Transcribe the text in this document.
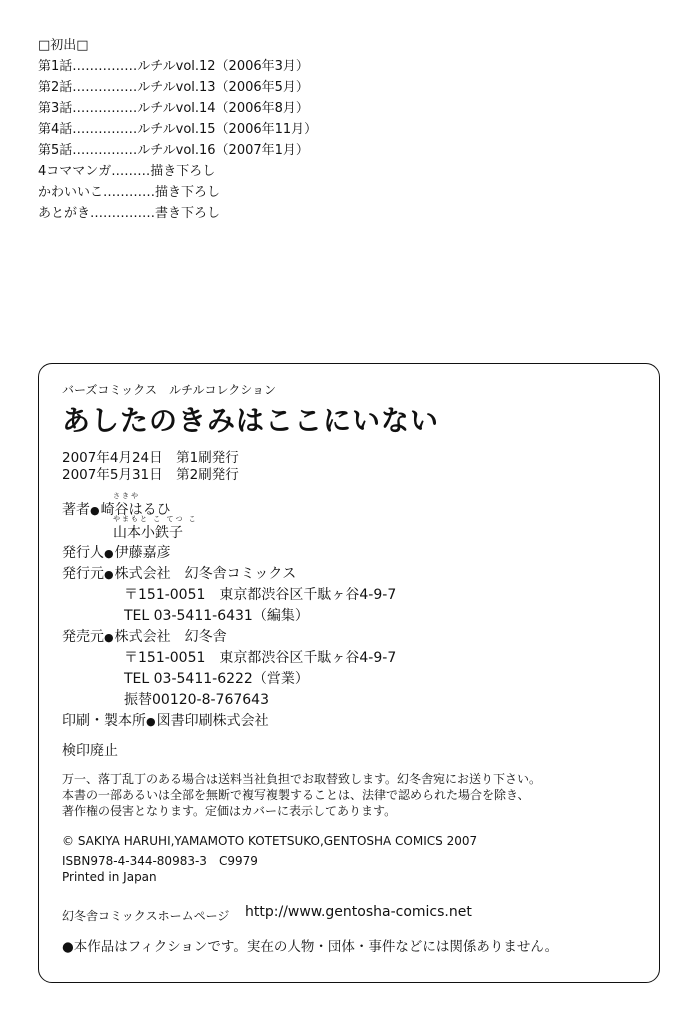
□初出□
第1話……………ルチルvol.12（2006年3月）
第2話……………ルチルvol.13（2006年5月）
第3話……………ルチルvol.14（2006年8月）
第4話……………ルチルvol.15（2006年11月）
第5話……………ルチルvol.16（2007年1月）
4コママンガ………描き下ろし
かわいいこ…………描き下ろし
あとがき……………書き下ろし
バーズコミックス　ルチルコレクション
あしたのきみはここにいない
2007年4月24日　第1刷発行
2007年5月31日　第2刷発行
さきや
著者●崎谷はるひ
やまもと こ てつ こ
山本小鉄子
発行人●伊藤嘉彦
発行元●株式会社　幻冬舎コミックス
〒151-0051　東京都渋谷区千駄ヶ谷4-9-7
TEL 03-5411-6431（編集）
発売元●株式会社　幻冬舎
〒151-0051　東京都渋谷区千駄ヶ谷4-9-7
TEL 03-5411-6222（営業）
振替00120-8-767643
印刷・製本所●図書印刷株式会社
検印廃止
万一、落丁乱丁のある場合は送料当社負担でお取替致します。幻冬舎宛にお送り下さい。
本書の一部あるいは全部を無断で複写複製することは、法律で認められた場合を除き、
著作権の侵害となります。定価はカバーに表示してあります。
© SAKIYA HARUHI,YAMAMOTO KOTETSUKO,GENTOSHA COMICS 2007
ISBN978-4-344-80983-3　C9979
Printed in Japan
幻冬舎コミックスホームページ http://www.gentosha-comics.net
●本作品はフィクションです。実在の人物・団体・事件などには関係ありません。
